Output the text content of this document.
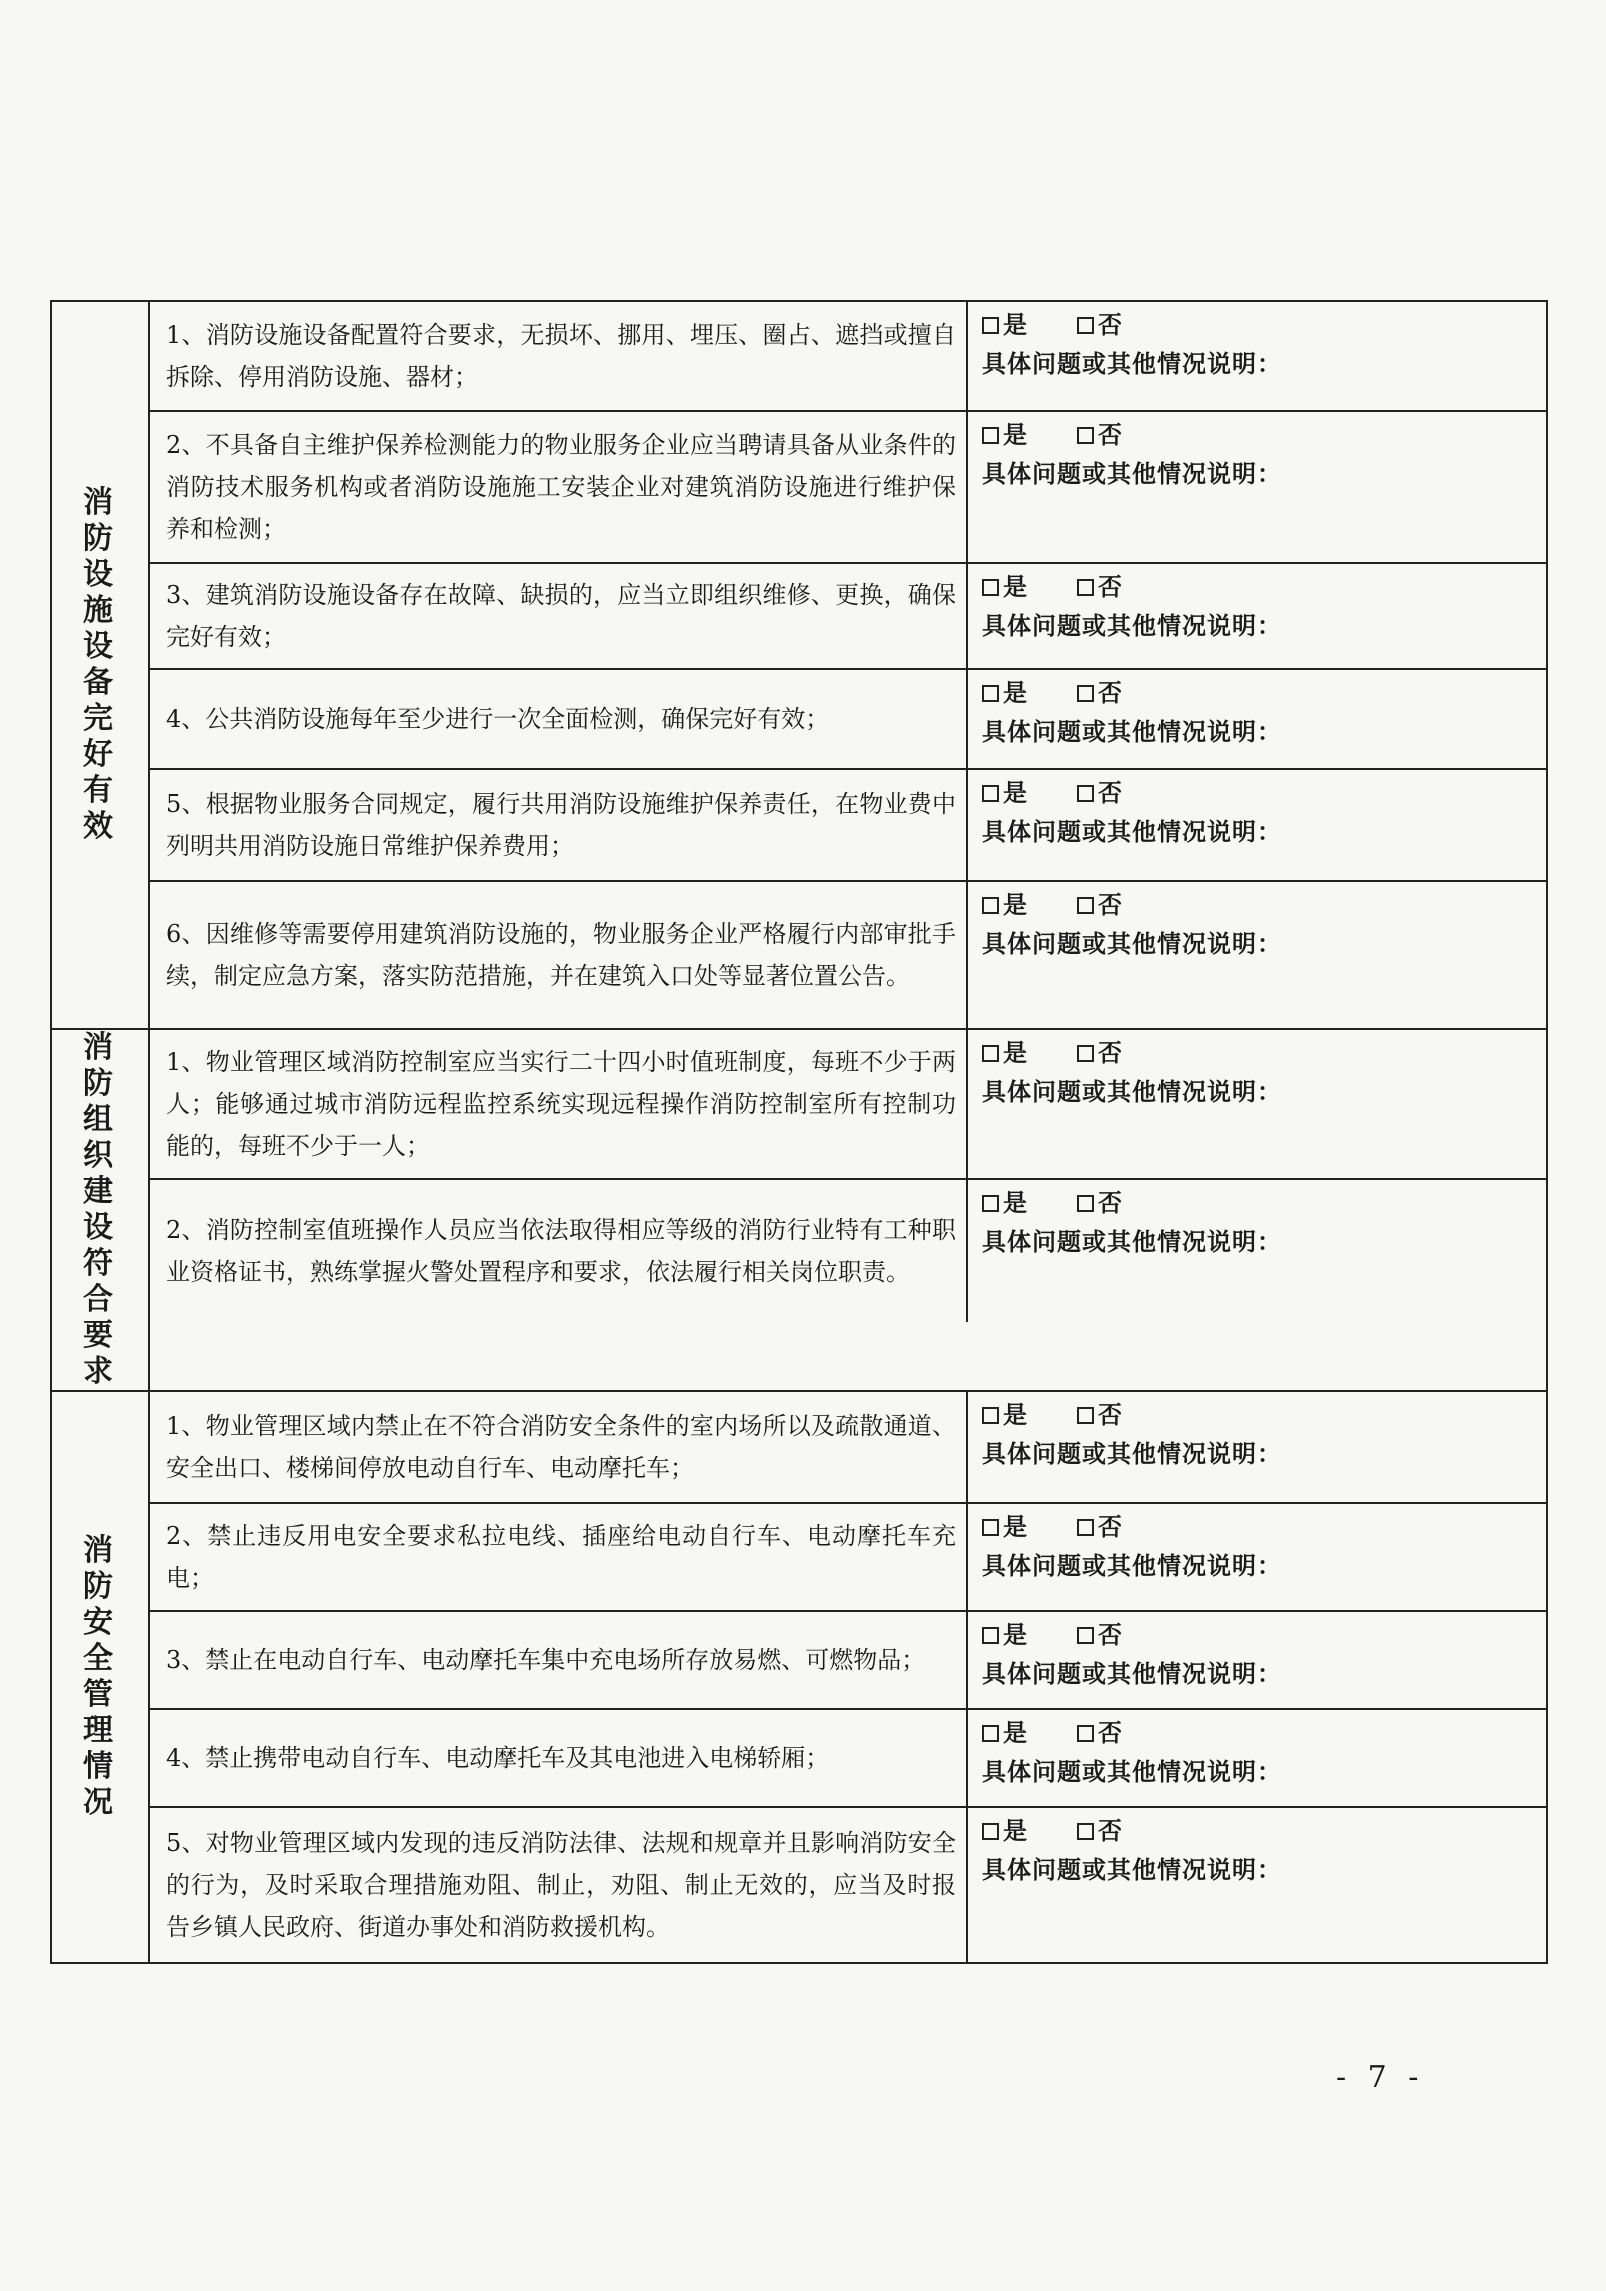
消防设施设备完好有效
1、消防设施设备配置符合要求，无损坏、挪用、埋压、圈占、遮挡或擅自拆除、停用消防设施、器材；
是	否
具体问题或其他情况说明：
2、不具备自主维护保养检测能力的物业服务企业应当聘请具备从业条件的消防技术服务机构或者消防设施施工安装企业对建筑消防设施进行维护保养和检测；
是	否
具体问题或其他情况说明：
3、建筑消防设施设备存在故障、缺损的，应当立即组织维修、更换，确保完好有效；
是	否
具体问题或其他情况说明：
4、公共消防设施每年至少进行一次全面检测，确保完好有效；
是	否
具体问题或其他情况说明：
5、根据物业服务合同规定，履行共用消防设施维护保养责任，在物业费中列明共用消防设施日常维护保养费用；
是	否
具体问题或其他情况说明：
6、因维修等需要停用建筑消防设施的，物业服务企业严格履行内部审批手续，制定应急方案，落实防范措施，并在建筑入口处等显著位置公告。
是	否
具体问题或其他情况说明：
消防组织建设符合要求
1、物业管理区域消防控制室应当实行二十四小时值班制度，每班不少于两人；能够通过城市消防远程监控系统实现远程操作消防控制室所有控制功能的，每班不少于一人；
是	否
具体问题或其他情况说明：
2、消防控制室值班操作人员应当依法取得相应等级的消防行业特有工种职业资格证书，熟练掌握火警处置程序和要求，依法履行相关岗位职责。
是	否
具体问题或其他情况说明：
消防安全管理情况
1、物业管理区域内禁止在不符合消防安全条件的室内场所以及疏散通道、安全出口、楼梯间停放电动自行车、电动摩托车；
是	否
具体问题或其他情况说明：
2、禁止违反用电安全要求私拉电线、插座给电动自行车、电动摩托车充电；
是	否
具体问题或其他情况说明：
3、禁止在电动自行车、电动摩托车集中充电场所存放易燃、可燃物品；
是	否
具体问题或其他情况说明：
4、禁止携带电动自行车、电动摩托车及其电池进入电梯轿厢；
是	否
具体问题或其他情况说明：
5、对物业管理区域内发现的违反消防法律、法规和规章并且影响消防安全的行为，及时采取合理措施劝阻、制止，劝阻、制止无效的，应当及时报告乡镇人民政府、街道办事处和消防救援机构。
是	否
具体问题或其他情况说明：
- 7 -
